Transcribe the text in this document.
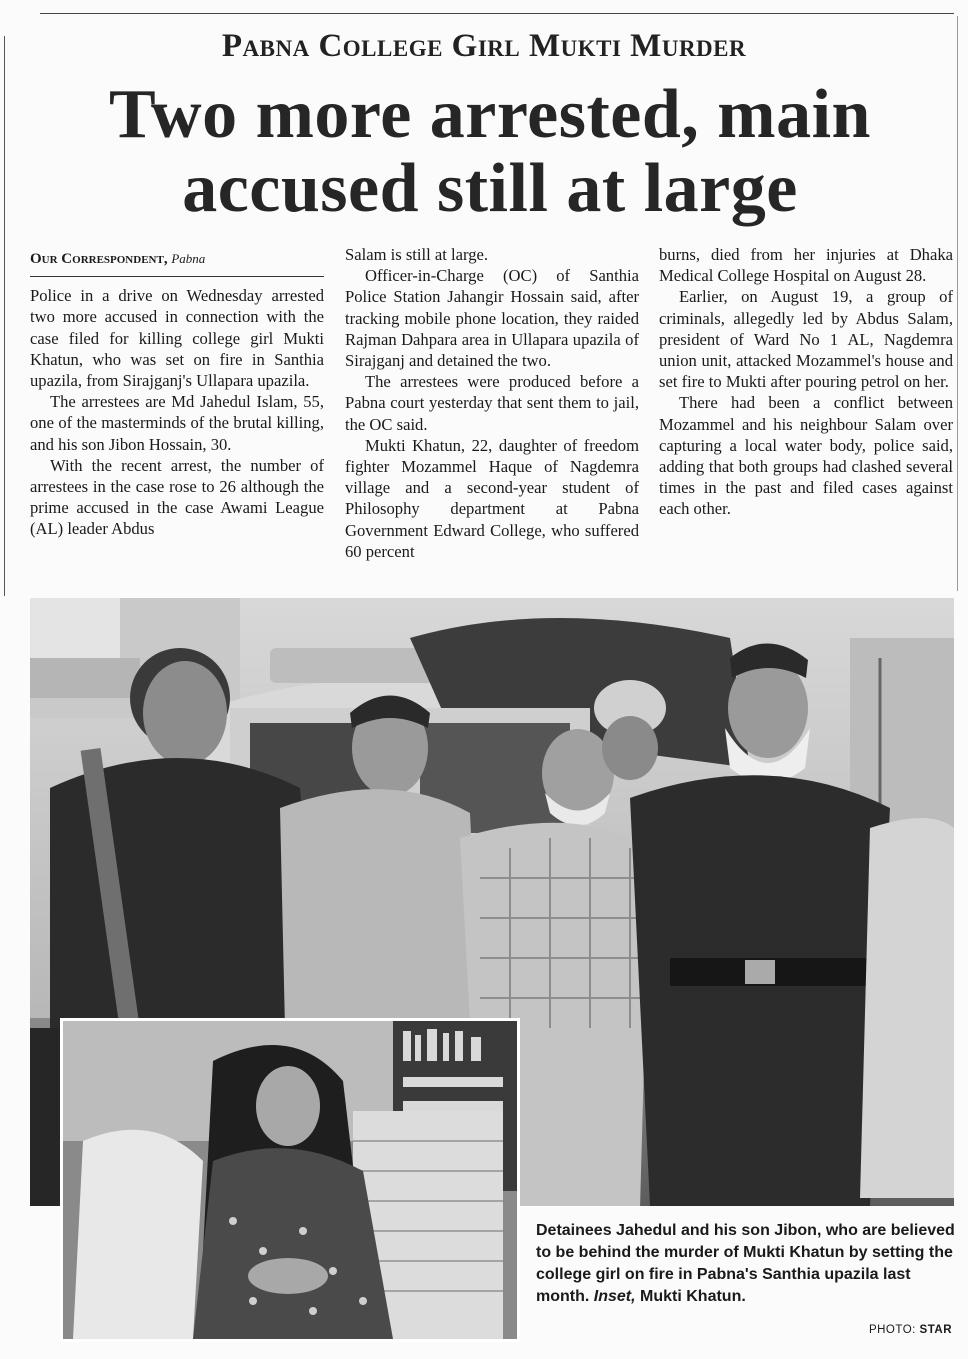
Pabna College Girl Mukti Murder
Two more arrested, main
accused still at large
Our Correspondent, Pabna

Police in a drive on Wednesday arrested two more accused in connection with the case filed for killing college girl Mukti Khatun, who was set on fire in Santhia upazila, from Sirajganj's Ullapara upazila.

The arrestees are Md Jahedul Islam, 55, one of the masterminds of the brutal killing, and his son Jibon Hossain, 30.

With the recent arrest, the number of arrestees in the case rose to 26 although the prime accused in the case Awami League (AL) leader Abdus

Salam is still at large.

Officer-in-Charge (OC) of Santhia Police Station Jahangir Hossain said, after tracking mobile phone location, they raided Rajman Dahpara area in Ullapara upazila of Sirajganj and detained the two.

The arrestees were produced before a Pabna court yesterday that sent them to jail, the OC said.

Mukti Khatun, 22, daughter of freedom fighter Mozammel Haque of Nagdemra village and a second-year student of Philosophy department at Pabna Government Edward College, who suffered 60 percent

burns, died from her injuries at Dhaka Medical College Hospital on August 28.

Earlier, on August 19, a group of criminals, allegedly led by Abdus Salam, president of Ward No 1 AL, Nagdemra union unit, attacked Mozammel's house and set fire to Mukti after pouring petrol on her.

There had been a conflict between Mozammel and his neighbour Salam over capturing a local water body, police said, adding that both groups had clashed several times in the past and filed cases against each other.

Detainees Jahedul and his son Jibon, who are believed to be behind the murder of Mukti Khatun by setting the college girl on fire in Pabna's Santhia upazila last month. Inset, Mukti Khatun.
PHOTO: STAR
